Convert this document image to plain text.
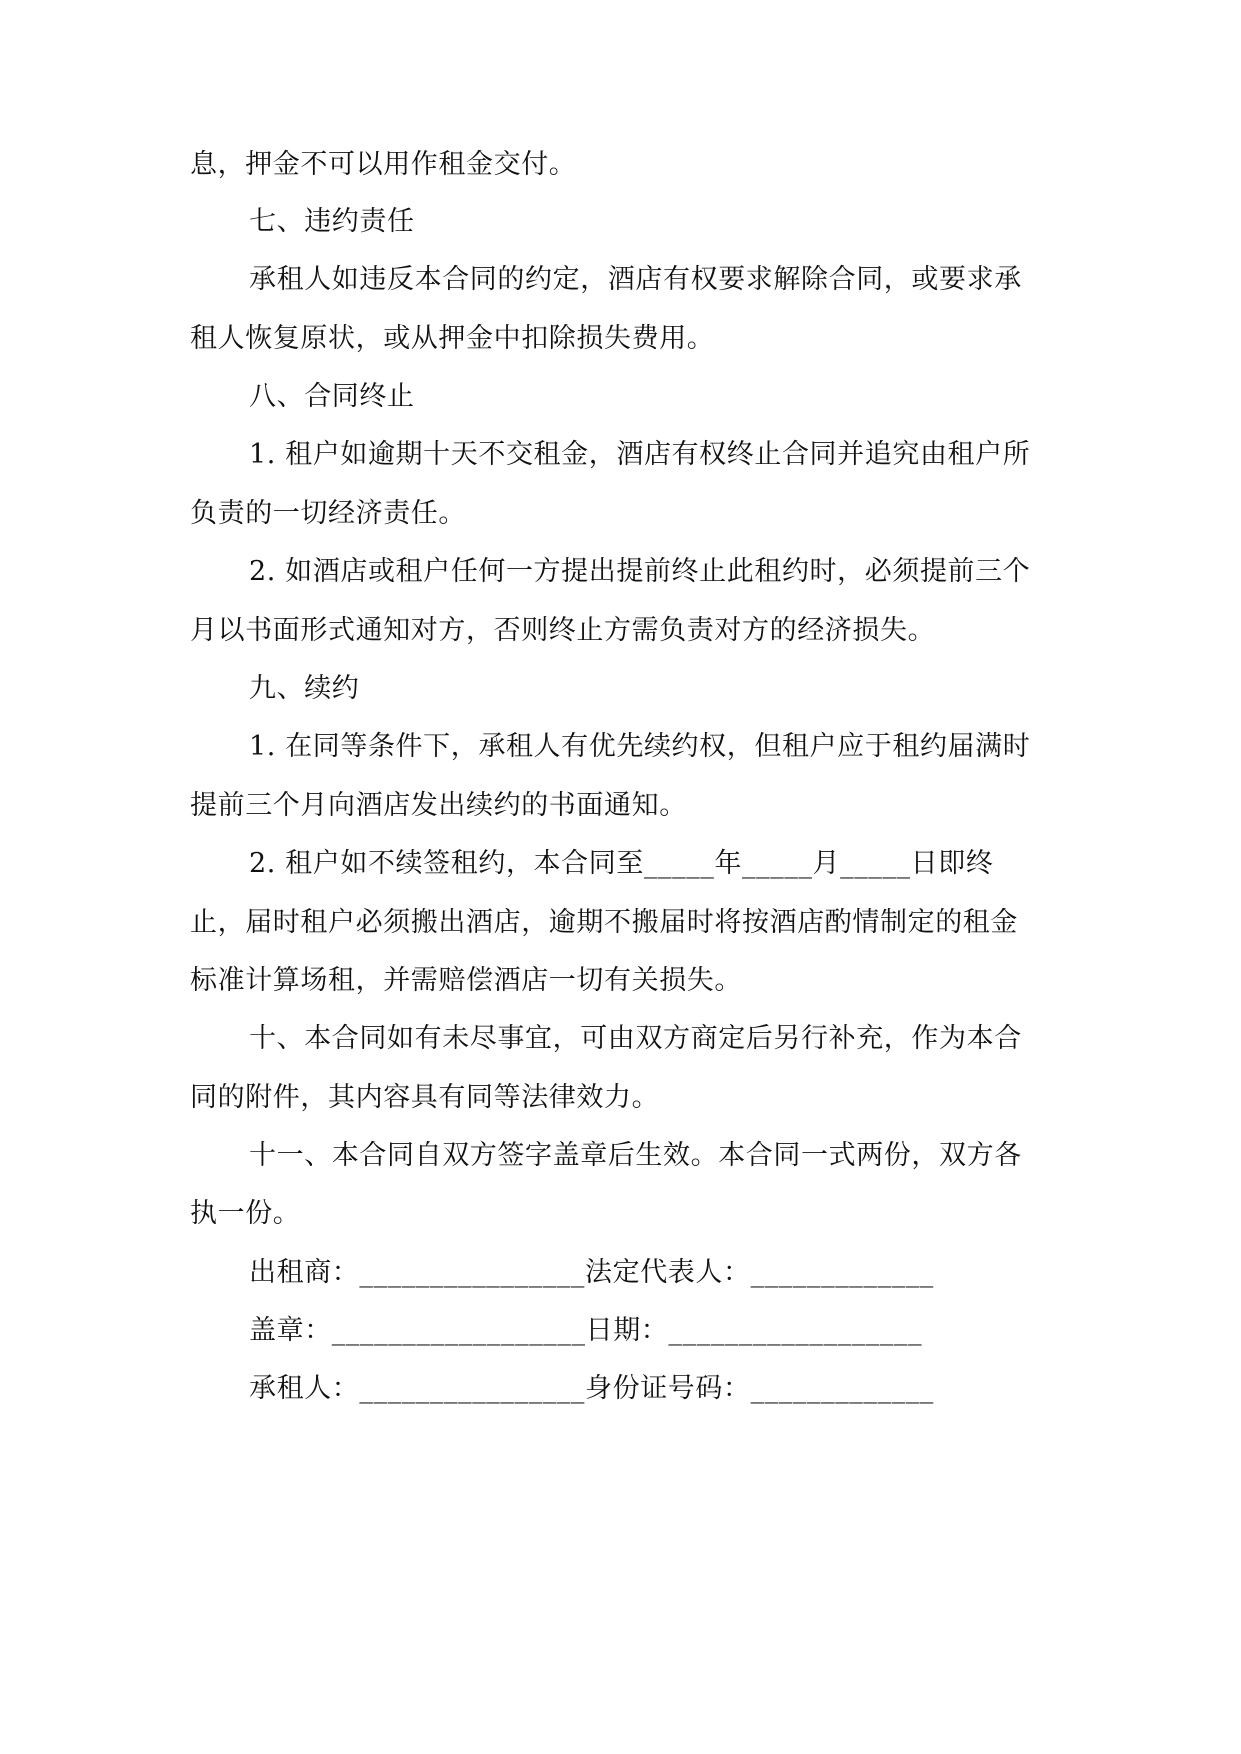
息，押金不可以用作租金交付。
七、违约责任
承租人如违反本合同的约定，酒店有权要求解除合同，或要求承
租人恢复原状，或从押金中扣除损失费用。
八、合同终止
1. 租户如逾期十天不交租金，酒店有权终止合同并追究由租户所
负责的一切经济责任。
2. 如酒店或租户任何一方提出提前终止此租约时，必须提前三个
月以书面形式通知对方，否则终止方需负责对方的经济损失。
九、续约
1. 在同等条件下，承租人有优先续约权，但租户应于租约届满时
提前三个月向酒店发出续约的书面通知。
2. 租户如不续签租约，本合同至_____年_____月_____日即终
止，届时租户必须搬出酒店，逾期不搬届时将按酒店酌情制定的租金
标准计算场租，并需赔偿酒店一切有关损失。
十、本合同如有未尽事宜，可由双方商定后另行补充，作为本合
同的附件，其内容具有同等法律效力。
十一、本合同自双方签字盖章后生效。本合同一式两份，双方各
执一份。
出租商：________________法定代表人：_____________
盖章：__________________日期：__________________
承租人：________________身份证号码：_____________
